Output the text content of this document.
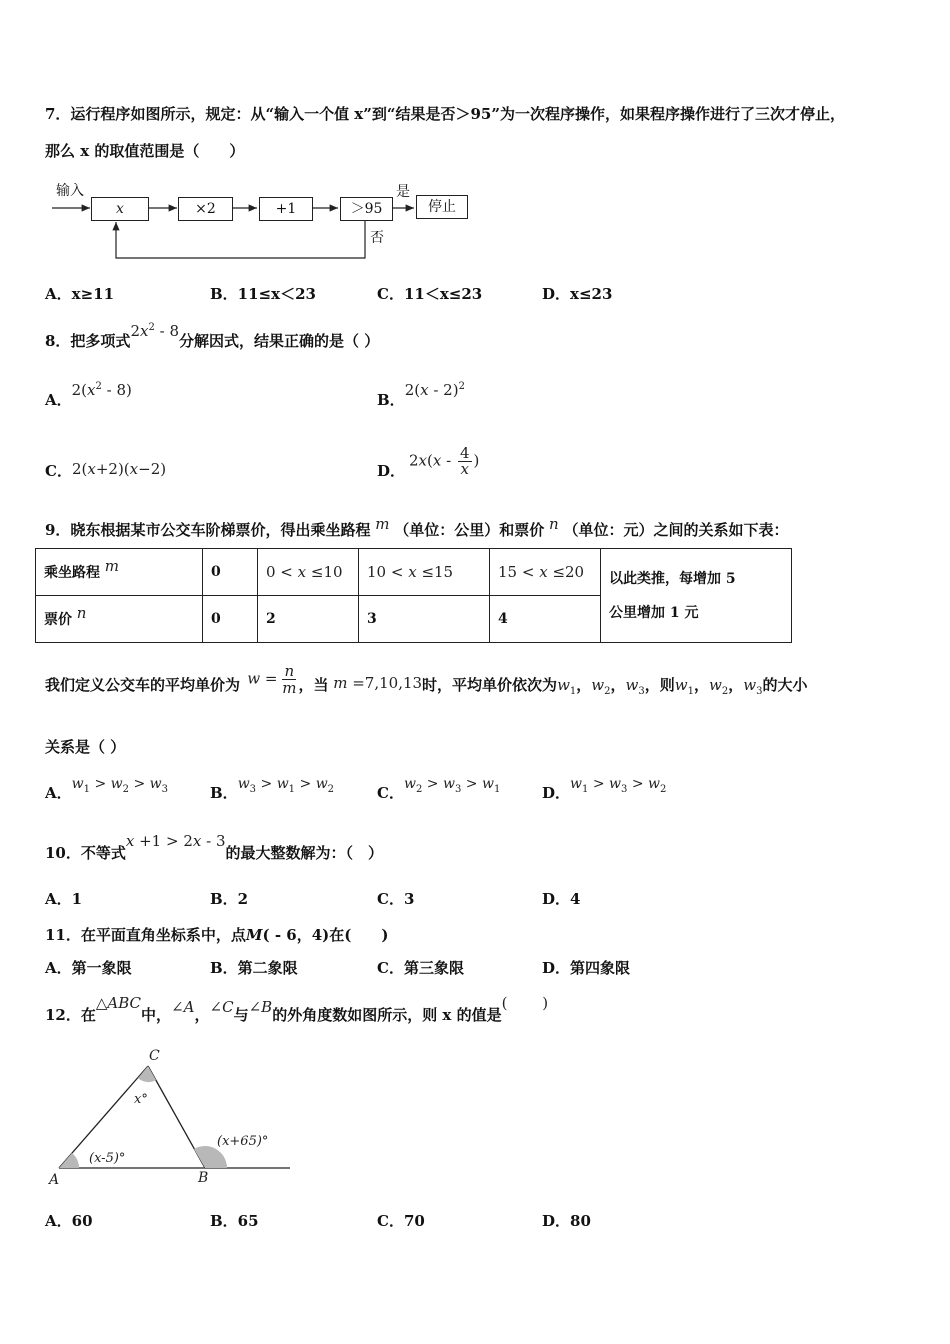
7．运行程序如图所示，规定：从“输入一个值 x”到“结果是否＞95”为一次程序操作，如果程序操作进行了三次才停止，
那么 x 的取值范围是（　　）
输入
x	×2	+1	＞95
是
否
停止
A．x≥11	B．11≤x＜23	C．11＜x≤23	D．x≤23
8．把多项式$2x^2 - 8$分解因式，结果正确的是（ ）
A．$2(x^2 - 8)$
B．2(x - 2)$^2$
C．2(x+2)(x−2)	D．
$2x(x - \frac{4}{x}$ )
9．晓东根据某市公交车阶梯票价，得出乘坐路程 m （单位：公里）和票价 n （单位：元）之间的关系如下表：
乘坐路程 m	0	0 < x ≤10	10 < x ≤15	15 < x ≤20	以此类推，每增加 5
公里增加 1 元

票价 n	0	2	3	4	
我们定义公交车的平均单价为 $w = \frac{n}{m}$ ，当 m =7,10,13时，平均单价依次为$w_1$，$w_2$，$w_3$，则$w_1$，$w_2$，$w_3$的大小
关系是（ ）
A．$w_1 > w_2 > w_3$	B．$w_3 > w_1 > w_2$	C．$w_2 > w_3 > w_1$	D．$w_1 > w_3 > w_2$
10．不等式x +1 > 2x - 3的最大整数解为：（　）
A．1	B．2	C．3	D．4
11．在平面直角坐标系中，点M( - 6，4)在(　　)
A．第一象限	B．第二象限	C．第三象限	D．第四象限
12．在△ABC中，∠A，∠C与∠B的外角度数如图所示，则 x 的值是(　　 )
A	B
C
(x-5)°
(x+65)°
x°
A．60	B．65	C．70	D．80
